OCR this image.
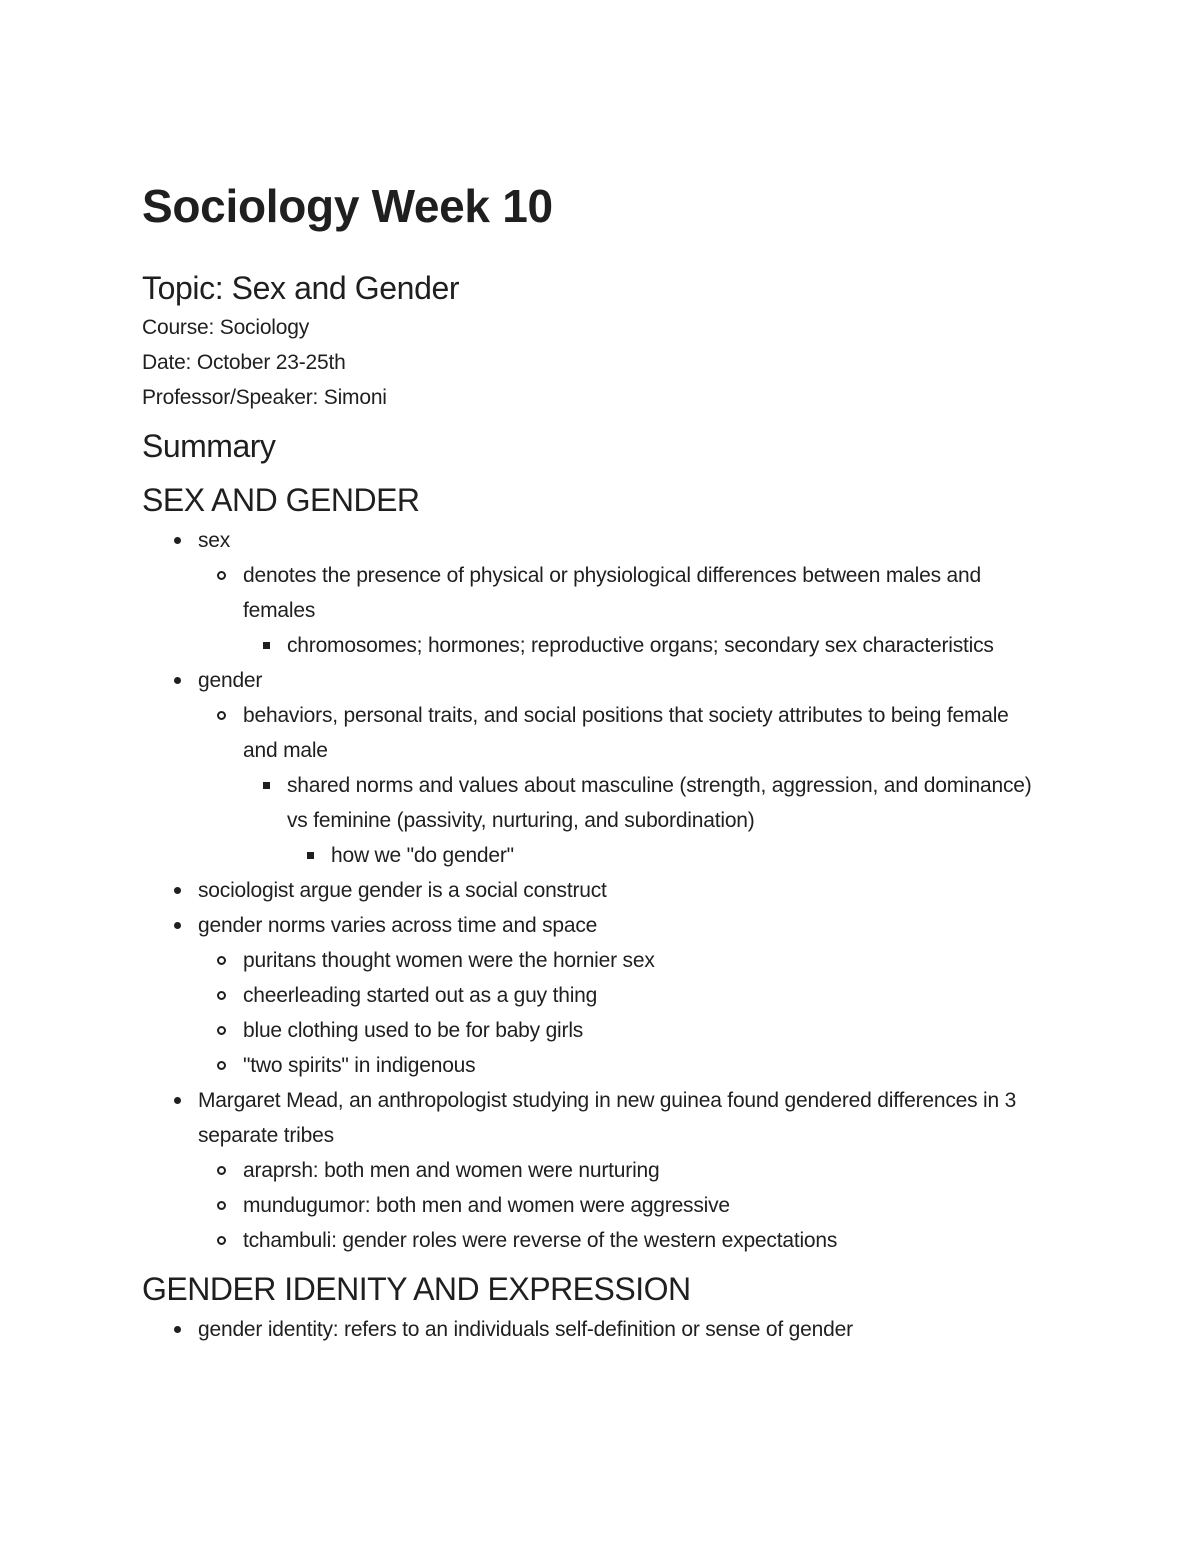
Sociology Week 10
Topic: Sex and Gender
Course: Sociology
Date: October 23-25th
Professor/Speaker: Simoni
Summary
SEX AND GENDER
sex
denotes the presence of physical or physiological differences between males and females
chromosomes; hormones; reproductive organs; secondary sex characteristics
gender
behaviors, personal traits, and social positions that society attributes to being female and male
shared norms and values about masculine (strength, aggression, and dominance) vs feminine (passivity, nurturing, and subordination)
how we "do gender"
sociologist argue gender is a social construct
gender norms varies across time and space
puritans thought women were the hornier sex
cheerleading started out as a guy thing
blue clothing used to be for baby girls
"two spirits" in indigenous
Margaret Mead, an anthropologist studying in new guinea found gendered differences in 3 separate tribes
araprsh: both men and women were nurturing
mundugumor: both men and women were aggressive
tchambuli: gender roles were reverse of the western expectations
GENDER IDENITY AND EXPRESSION
gender identity: refers to an individuals self-definition or sense of gender
